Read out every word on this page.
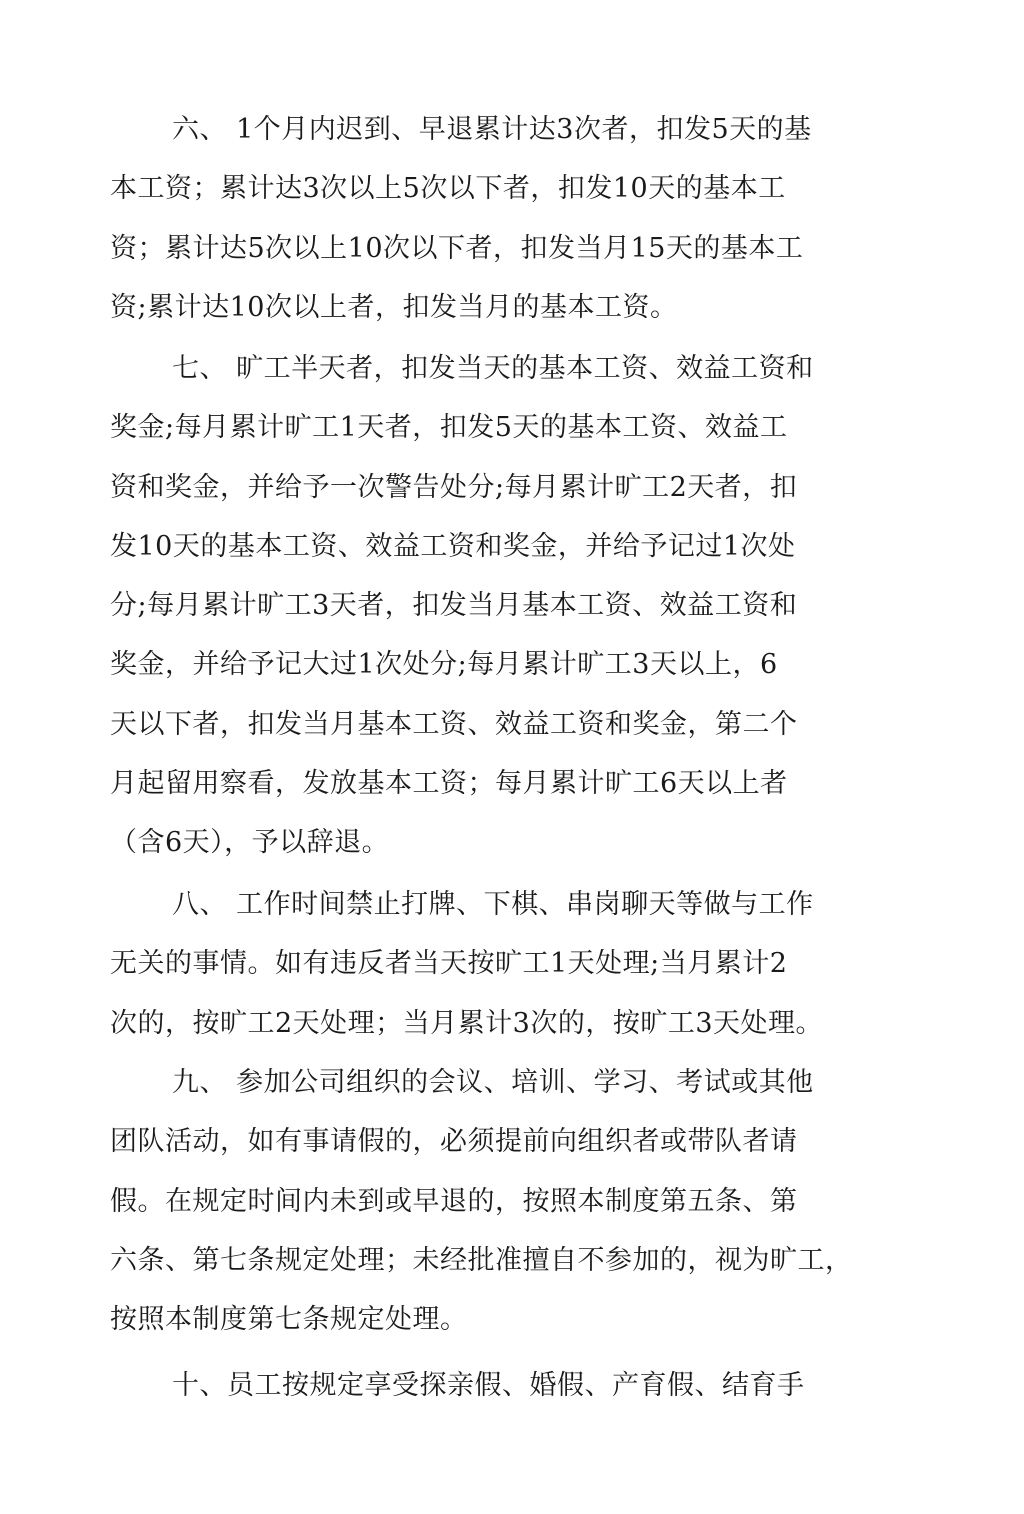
六、 1个月内迟到、早退累计达3次者，扣发5天的基
本工资；累计达3次以上5次以下者，扣发10天的基本工
资；累计达5次以上10次以下者，扣发当月15天的基本工
资;累计达10次以上者，扣发当月的基本工资。
七、 旷工半天者，扣发当天的基本工资、效益工资和
奖金;每月累计旷工1天者，扣发5天的基本工资、效益工
资和奖金，并给予一次警告处分;每月累计旷工2天者，扣
发10天的基本工资、效益工资和奖金，并给予记过1次处
分;每月累计旷工3天者，扣发当月基本工资、效益工资和
奖金，并给予记大过1次处分;每月累计旷工3天以上，6
天以下者，扣发当月基本工资、效益工资和奖金，第二个
月起留用察看，发放基本工资；每月累计旷工6天以上者
（含6天），予以辞退。
八、 工作时间禁止打牌、下棋、串岗聊天等做与工作
无关的事情。如有违反者当天按旷工1天处理;当月累计2
次的，按旷工2天处理；当月累计3次的，按旷工3天处理。
九、 参加公司组织的会议、培训、学习、考试或其他
团队活动，如有事请假的，必须提前向组织者或带队者请
假。在规定时间内未到或早退的，按照本制度第五条、第
六条、第七条规定处理；未经批准擅自不参加的，视为旷工，
按照本制度第七条规定处理。
十、员工按规定享受探亲假、婚假、产育假、结育手
